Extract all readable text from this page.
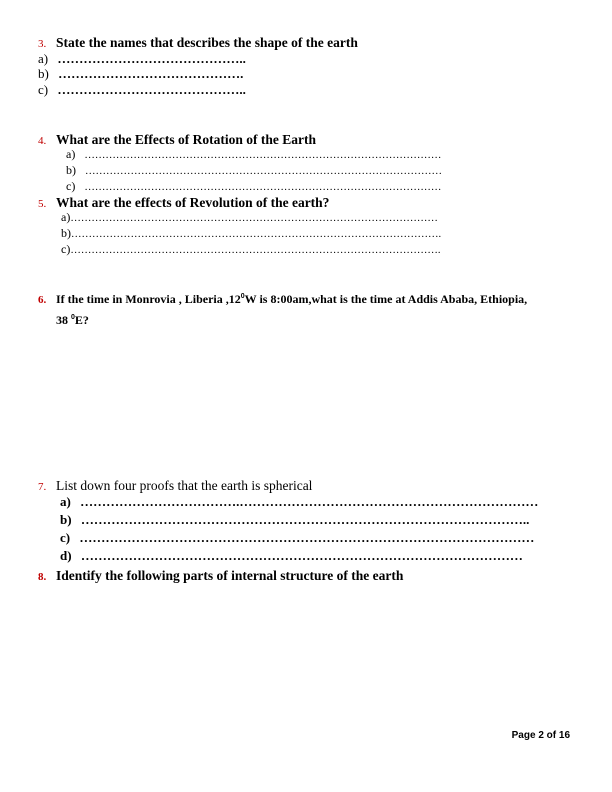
3. State the names that describes the shape of the earth
a) ……………………………………..
b) …………………………………….
c) ……………………………………..
4. What are the Effects of Rotation of the Earth
a) …………………………………………………………………………………………
b) …………………………………………………………………………………………
c) …………………………………………………………………………………………
5. What are the effects of Revolution of the earth?
a)……………………………………………………………………………………………
b)…………………………………………………………………………………………….
c)…………………………………………………………………………………………….
6. If the time in Monrovia , Liberia $,12^0W$ is 8:00am,what is the time at Addis Ababa, Ethiopia,
38 $^0$E?
7. List down four proofs that the earth is spherical
a) ……………………………….……………………………………………………………
b) …………………………………………………………………………………………..
c) ……………………………………………………………………………………………
d) …………………………………………………………………………………………
8. Identify the following parts of internal structure of the earth
Page 2 of 16
